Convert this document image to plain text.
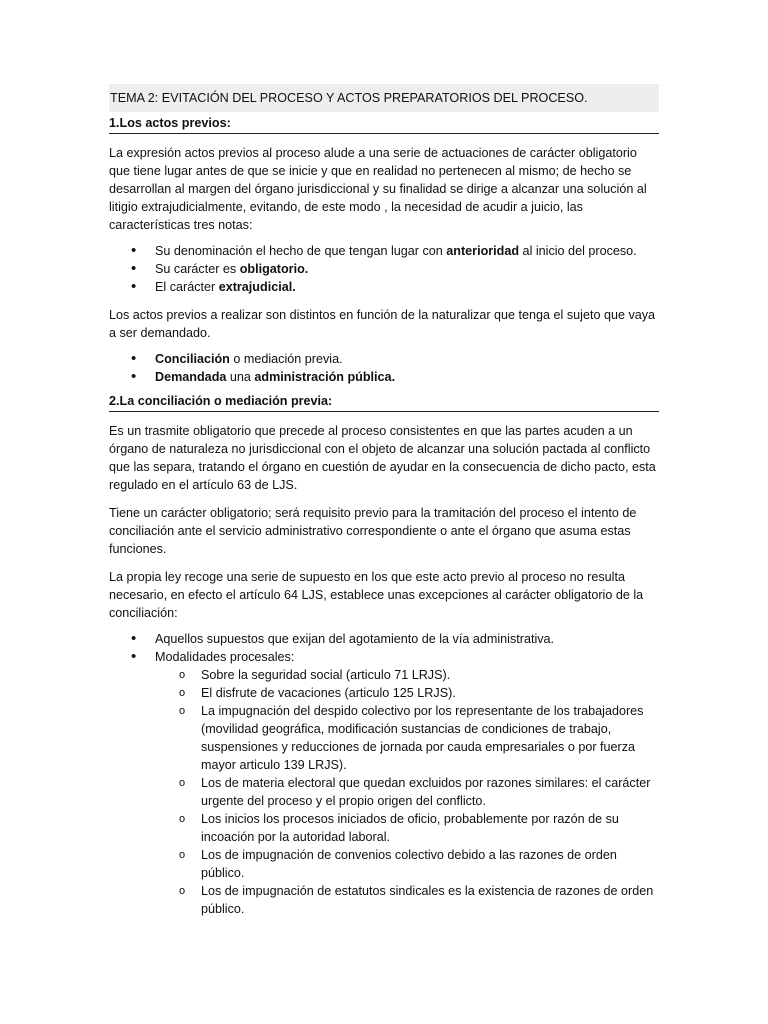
TEMA 2: EVITACIÓN DEL PROCESO Y ACTOS PREPARATORIOS DEL PROCESO.
1.Los actos previos:

La expresión actos previos al proceso alude a una serie de actuaciones de carácter obligatorio que tiene lugar antes de que se inicie y que en realidad no pertenecen al mismo; de hecho se desarrollan al margen del órgano jurisdiccional y su finalidad se dirige a alcanzar una solución al litigio extrajudicialmente, evitando, de este modo , la necesidad de acudir a juicio, las características tres notas:

• Su denominación el hecho de que tengan lugar con anterioridad al inicio del proceso.
• Su carácter es obligatorio.
• El carácter extrajudicial.

Los actos previos a realizar son distintos en función de la naturalizar que tenga el sujeto que vaya a ser demandado.

• Conciliación o mediación previa.
• Demandada una administración pública.
2.La conciliación o mediación previa:

Es un trasmite obligatorio que precede al proceso consistentes en que las partes acuden a un órgano de naturaleza no jurisdiccional con el objeto de alcanzar una solución pactada al conflicto que las separa, tratando el órgano en cuestión de ayudar en la consecuencia de dicho pacto, esta regulado en el artículo 63 de LJS.

Tiene un carácter obligatorio; será requisito previo para la tramitación del proceso el intento de conciliación ante el servicio administrativo correspondiente o ante el órgano que asuma estas funciones.

La propia ley recoge una serie de supuesto en los que este acto previo al proceso no resulta necesario, en efecto el artículo 64 LJS, establece unas excepciones al carácter obligatorio de la conciliación:

• Aquellos supuestos que exijan del agotamiento de la vía administrativa.
• Modalidades procesales:
o Sobre la seguridad social (articulo 71 LRJS).
o El disfrute de vacaciones (articulo 125 LRJS).
o La impugnación del despido colectivo por los representante de los trabajadores (movilidad geográfica, modificación sustancias de condiciones de trabajo, suspensiones y reducciones de jornada por cauda empresariales o por fuerza mayor articulo 139 LRJS).
o Los de materia electoral que quedan excluidos por razones similares: el carácter urgente del proceso y el propio origen del conflicto.
o Los inicios los procesos iniciados de oficio, probablemente por razón de su incoación por la autoridad laboral.
o Los de impugnación de convenios colectivo debido a las razones de orden público.
o Los de impugnación de estatutos sindicales es la existencia de razones de orden público.
